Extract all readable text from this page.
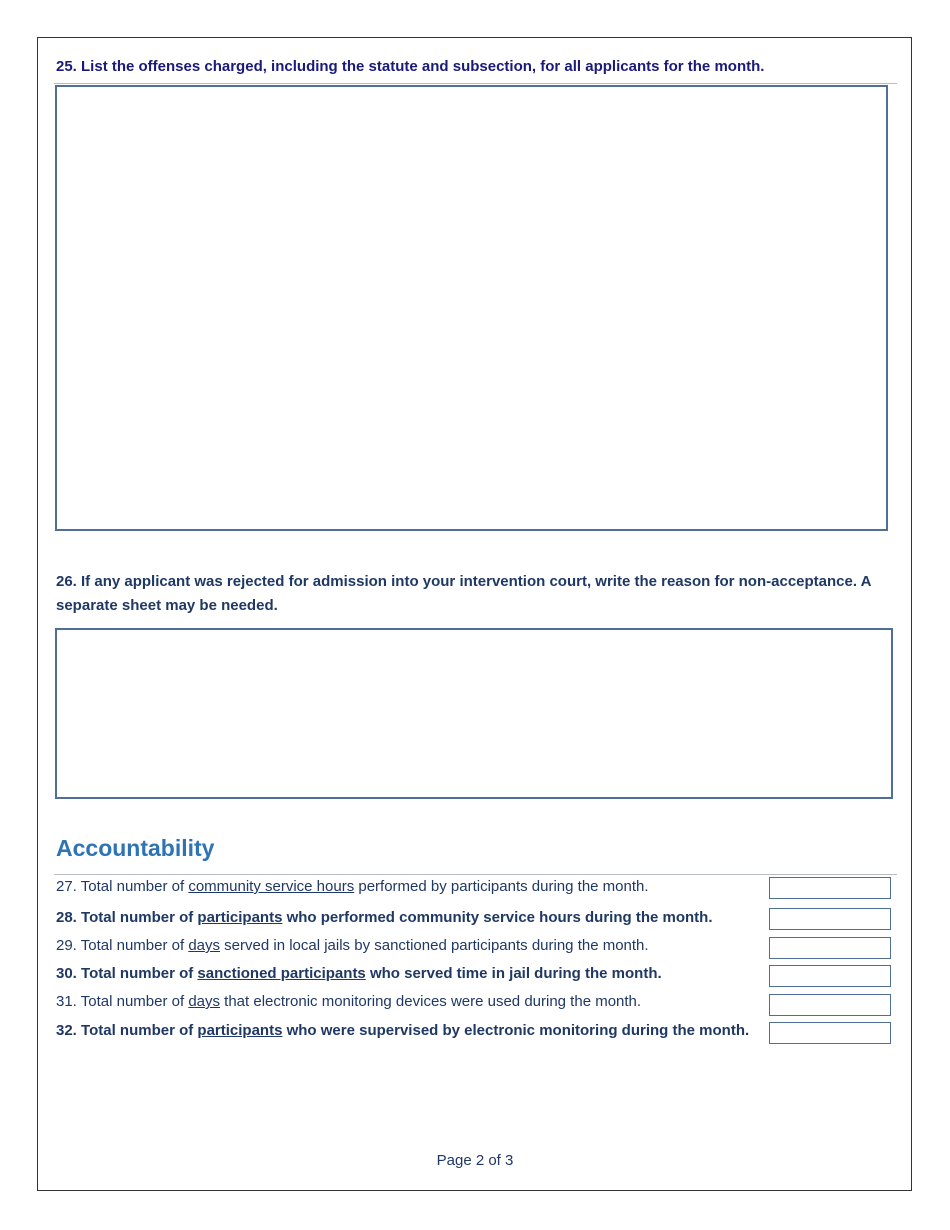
25. List the offenses charged, including the statute and subsection, for all applicants for the month.
26. If any applicant was rejected for admission into your intervention court, write the reason for non-acceptance. A separate sheet may be needed.
Accountability
27. Total number of community service hours performed by participants during the month.
28. Total number of participants who performed community service hours during the month.
29. Total number of days served in local jails by sanctioned participants during the month.
30. Total number of sanctioned participants who served time in jail during the month.
31. Total number of days that electronic monitoring devices were used during the month.
32. Total number of participants who were supervised by electronic monitoring during the month.
Page 2 of 3
